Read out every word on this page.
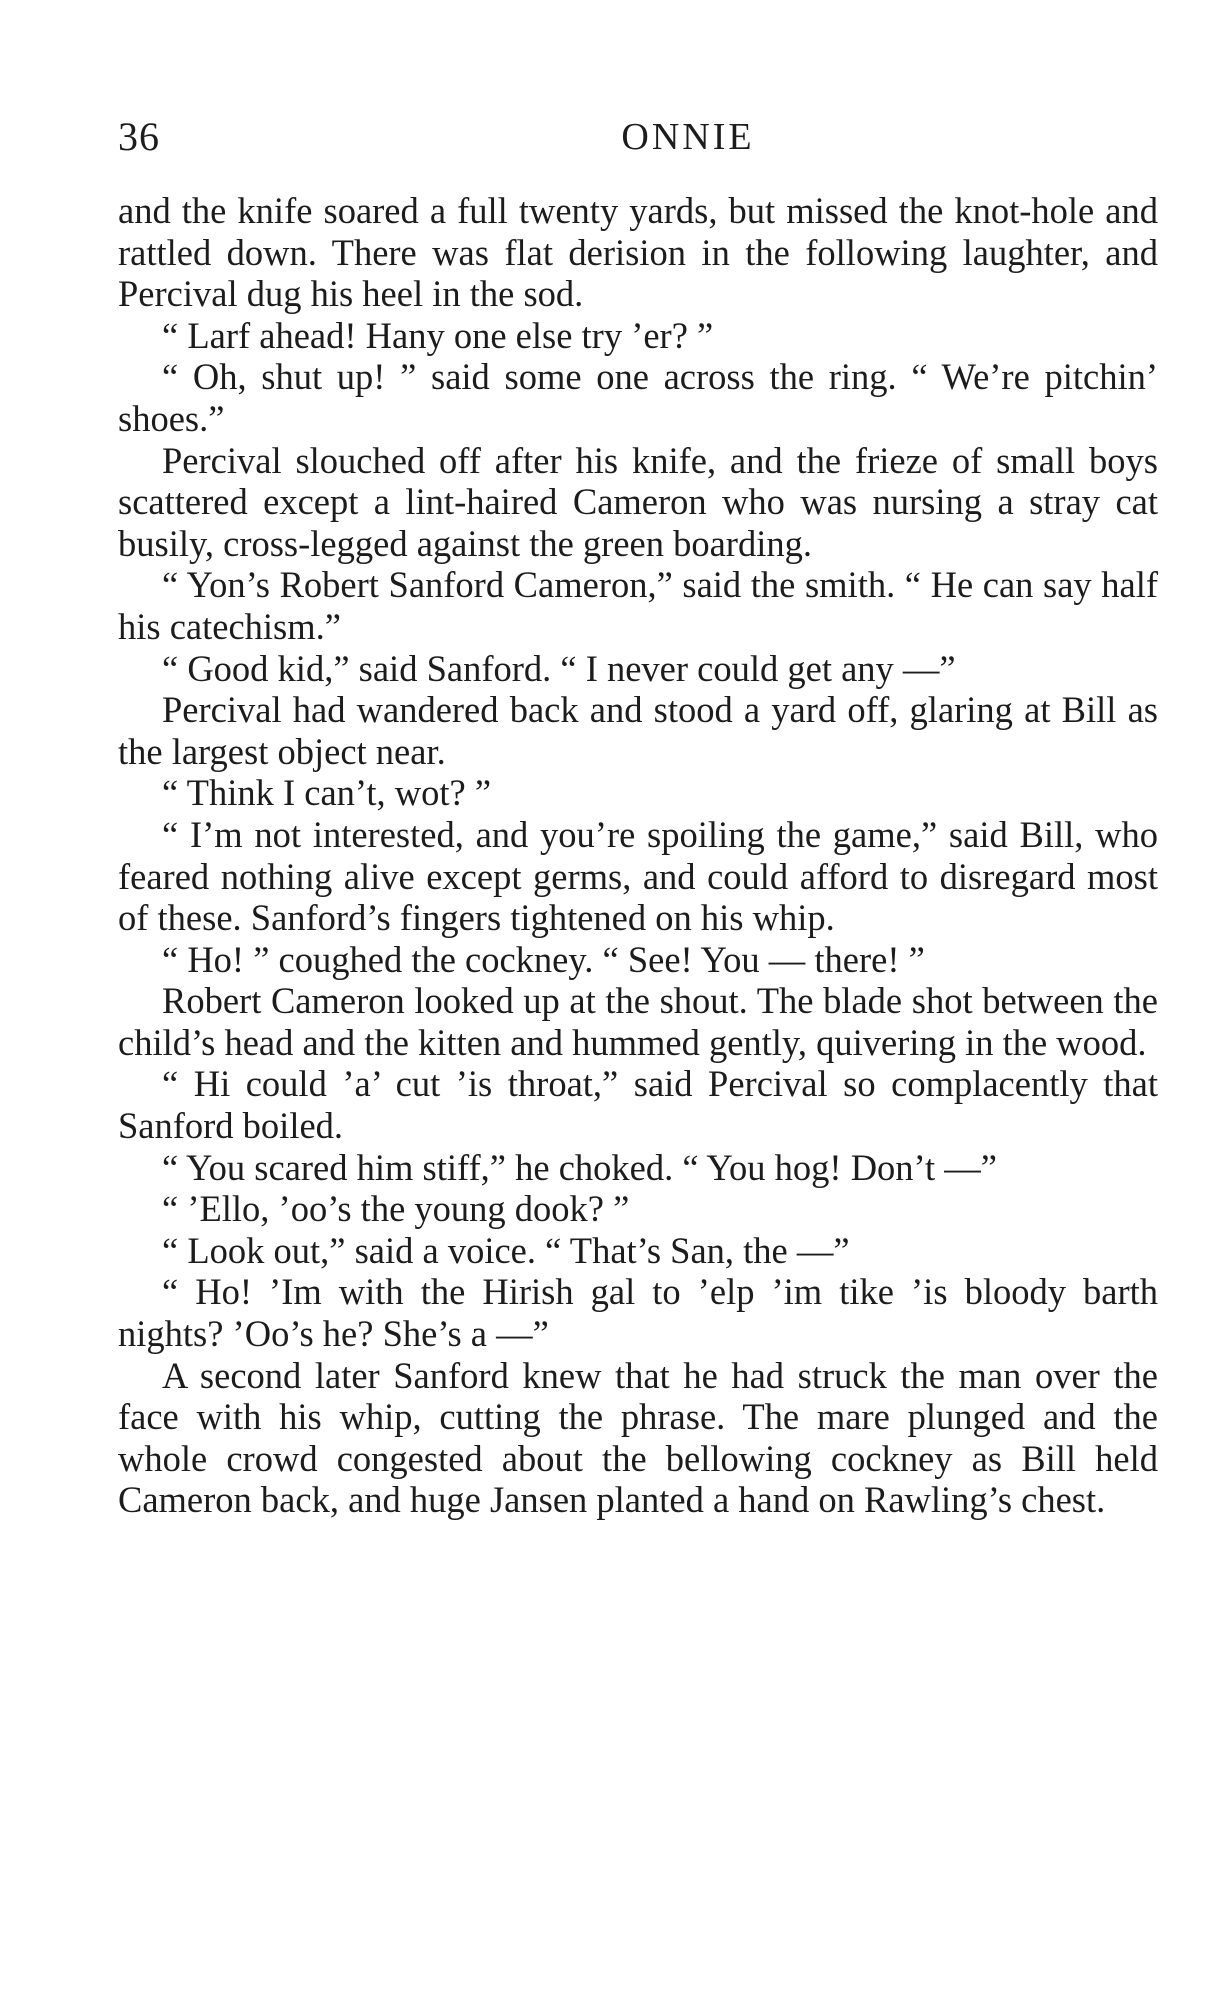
36	ONNIE

and the knife soared a full twenty yards, but missed the knot-hole and rattled down. There was flat derision in the following laughter, and Percival dug his heel in the sod.

“ Larf ahead! Hany one else try ’er? ”

“ Oh, shut up! ” said some one across the ring. “ We’re pitchin’ shoes.”

Percival slouched off after his knife, and the frieze of small boys scattered except a lint-haired Cameron who was nursing a stray cat busily, cross-legged against the green boarding.

“ Yon’s Robert Sanford Cameron,” said the smith. “ He can say half his catechism.”

“ Good kid,” said Sanford. “ I never could get any —”

Percival had wandered back and stood a yard off, glaring at Bill as the largest object near.

“ Think I can’t, wot? ”

“ I’m not interested, and you’re spoiling the game,” said Bill, who feared nothing alive except germs, and could afford to disregard most of these. Sanford’s fingers tightened on his whip.

“ Ho! ” coughed the cockney. “ See! You — there! ”

Robert Cameron looked up at the shout. The blade shot between the child’s head and the kitten and hummed gently, quivering in the wood.

“ Hi could ’a’ cut ’is throat,” said Percival so complacently that Sanford boiled.

“ You scared him stiff,” he choked. “ You hog! Don’t —”

“ ’Ello, ’oo’s the young dook? ”

“ Look out,” said a voice. “ That’s San, the —”

“ Ho! ’Im with the Hirish gal to ’elp ’im tike ’is bloody barth nights? ’Oo’s he? She’s a —”

A second later Sanford knew that he had struck the man over the face with his whip, cutting the phrase. The mare plunged and the whole crowd congested about the bellowing cockney as Bill held Cameron back, and huge Jansen planted a hand on Rawling’s chest.
